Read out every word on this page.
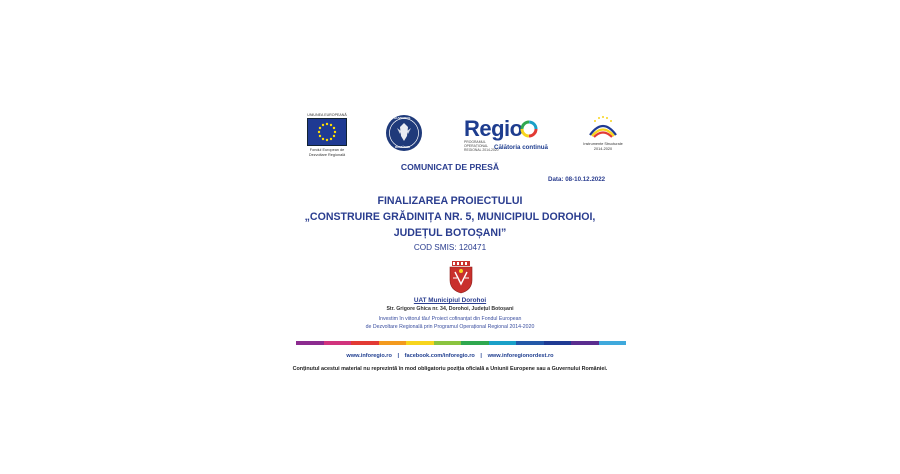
UNIUNEA EUROPEANĂ
Fondul European de
Dezvoltare Regională
GUVERNUL
ROMÂNIEI
Regio
PROGRAMUL OPERAȚIONAL REGIONAL 2014-2020
Călătoria continuă	Instrumente Structurale
2014-2020
COMUNICAT DE PRESĂ
Data: 08-10.12.2022
FINALIZAREA PROIECTULUI
„CONSTRUIRE GRĂDINIȚA NR. 5, MUNICIPIUL DOROHOI,
JUDEȚUL BOTOȘANI”
COD SMIS: 120471
UAT Municipiul Dorohoi
Str. Grigore Ghica nr. 34, Dorohoi, Județul Botoșani
Investim în viitorul tău! Proiect cofinanțat din Fondul European
de Dezvoltare Regională prin Programul Operațional Regional 2014-2020
www.inforegio.ro | facebook.com/inforegio.ro | www.inforegionordest.ro
Conținutul acestui material nu reprezintă în mod obligatoriu poziția oficială a Uniunii Europene sau a Guvernului României.
